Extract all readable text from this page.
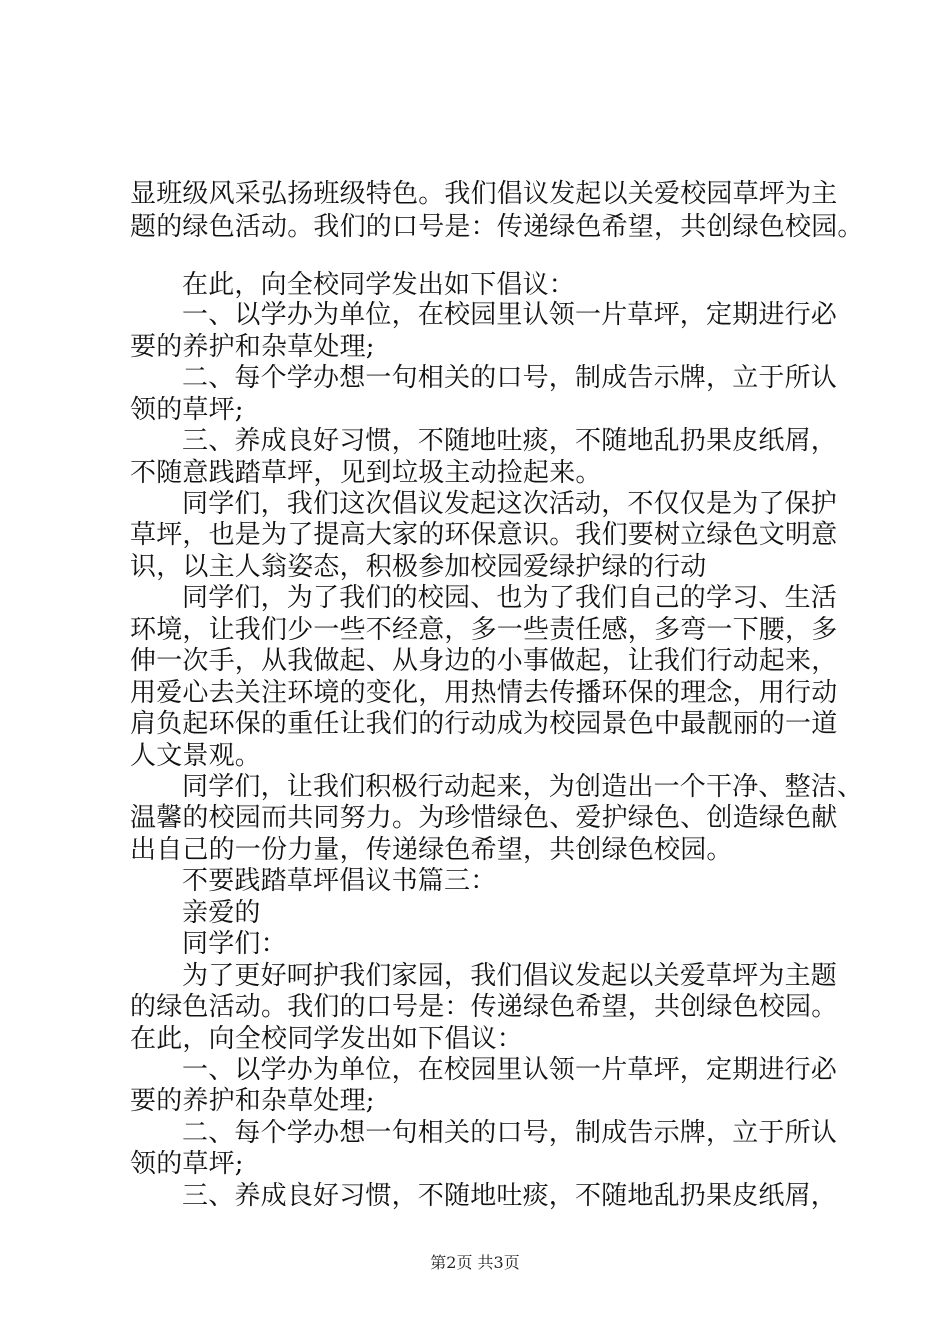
显班级风采弘扬班级特色。我们倡议发起以关爱校园草坪为主
题的绿色活动。我们的口号是：传递绿色希望，共创绿色校园。
在此，向全校同学发出如下倡议：
一、以学办为单位，在校园里认领一片草坪，定期进行必
要的养护和杂草处理;
二、每个学办想一句相关的口号，制成告示牌，立于所认
领的草坪;
三、养成良好习惯，不随地吐痰，不随地乱扔果皮纸屑，
不随意践踏草坪，见到垃圾主动捡起来。
同学们，我们这次倡议发起这次活动，不仅仅是为了保护
草坪，也是为了提高大家的环保意识。我们要树立绿色文明意
识，以主人翁姿态，积极参加校园爱绿护绿的行动
同学们，为了我们的校园、也为了我们自己的学习、生活
环境，让我们少一些不经意，多一些责任感，多弯一下腰，多
伸一次手，从我做起、从身边的小事做起，让我们行动起来，
用爱心去关注环境的变化，用热情去传播环保的理念，用行动
肩负起环保的重任让我们的行动成为校园景色中最靓丽的一道
人文景观。
同学们，让我们积极行动起来，为创造出一个干净、整洁、
温馨的校园而共同努力。为珍惜绿色、爱护绿色、创造绿色献
出自己的一份力量，传递绿色希望，共创绿色校园。
不要践踏草坪倡议书篇三：
亲爱的
同学们：
为了更好呵护我们家园，我们倡议发起以关爱草坪为主题
的绿色活动。我们的口号是：传递绿色希望，共创绿色校园。
在此，向全校同学发出如下倡议：
一、以学办为单位，在校园里认领一片草坪，定期进行必
要的养护和杂草处理;
二、每个学办想一句相关的口号，制成告示牌，立于所认
领的草坪;
三、养成良好习惯，不随地吐痰，不随地乱扔果皮纸屑，
第2页 共3页
